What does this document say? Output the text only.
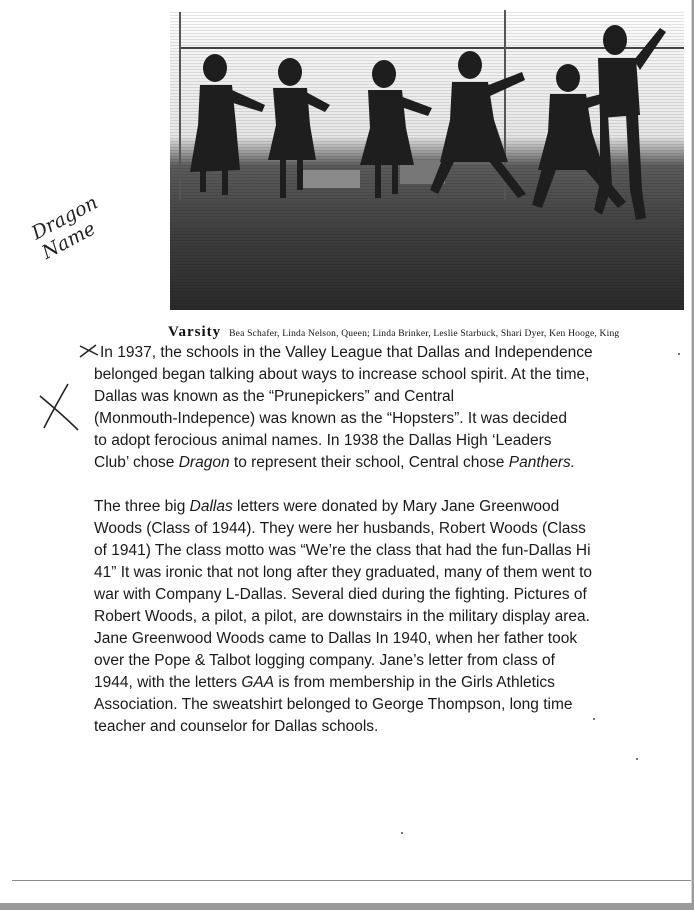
Varsity Bea Schafer, Linda Nelson, Queen; Linda Brinker, Leslie Starbuck, Shari Dyer, Ken Hooge, King
Dragon
Name
In 1937, the schools in the Valley League that Dallas and Independence
belonged began talking about ways to increase school spirit. At the time,
Dallas was known as the “Prunepickers” and Central
(Monmouth-Indepence) was known as the “Hopsters”. It was decided
to adopt ferocious animal names. In 1938 the Dallas High ‘Leaders
Club’ chose Dragon to represent their school, Central chose Panthers.
The three big Dallas letters were donated by Mary Jane Greenwood
Woods (Class of 1944). They were her husbands, Robert Woods (Class
of 1941) The class motto was “We’re the class that had the fun-Dallas Hi
41” It was ironic that not long after they graduated, many of them went to
war with Company L-Dallas. Several died during the fighting. Pictures of
Robert Woods, a pilot, a pilot, are downstairs in the military display area.
Jane Greenwood Woods came to Dallas In 1940, when her father took
over the Pope & Talbot logging company. Jane’s letter from class of
1944, with the letters GAA is from membership in the Girls Athletics
Association. The sweatshirt belonged to George Thompson, long time
teacher and counselor for Dallas schools.
